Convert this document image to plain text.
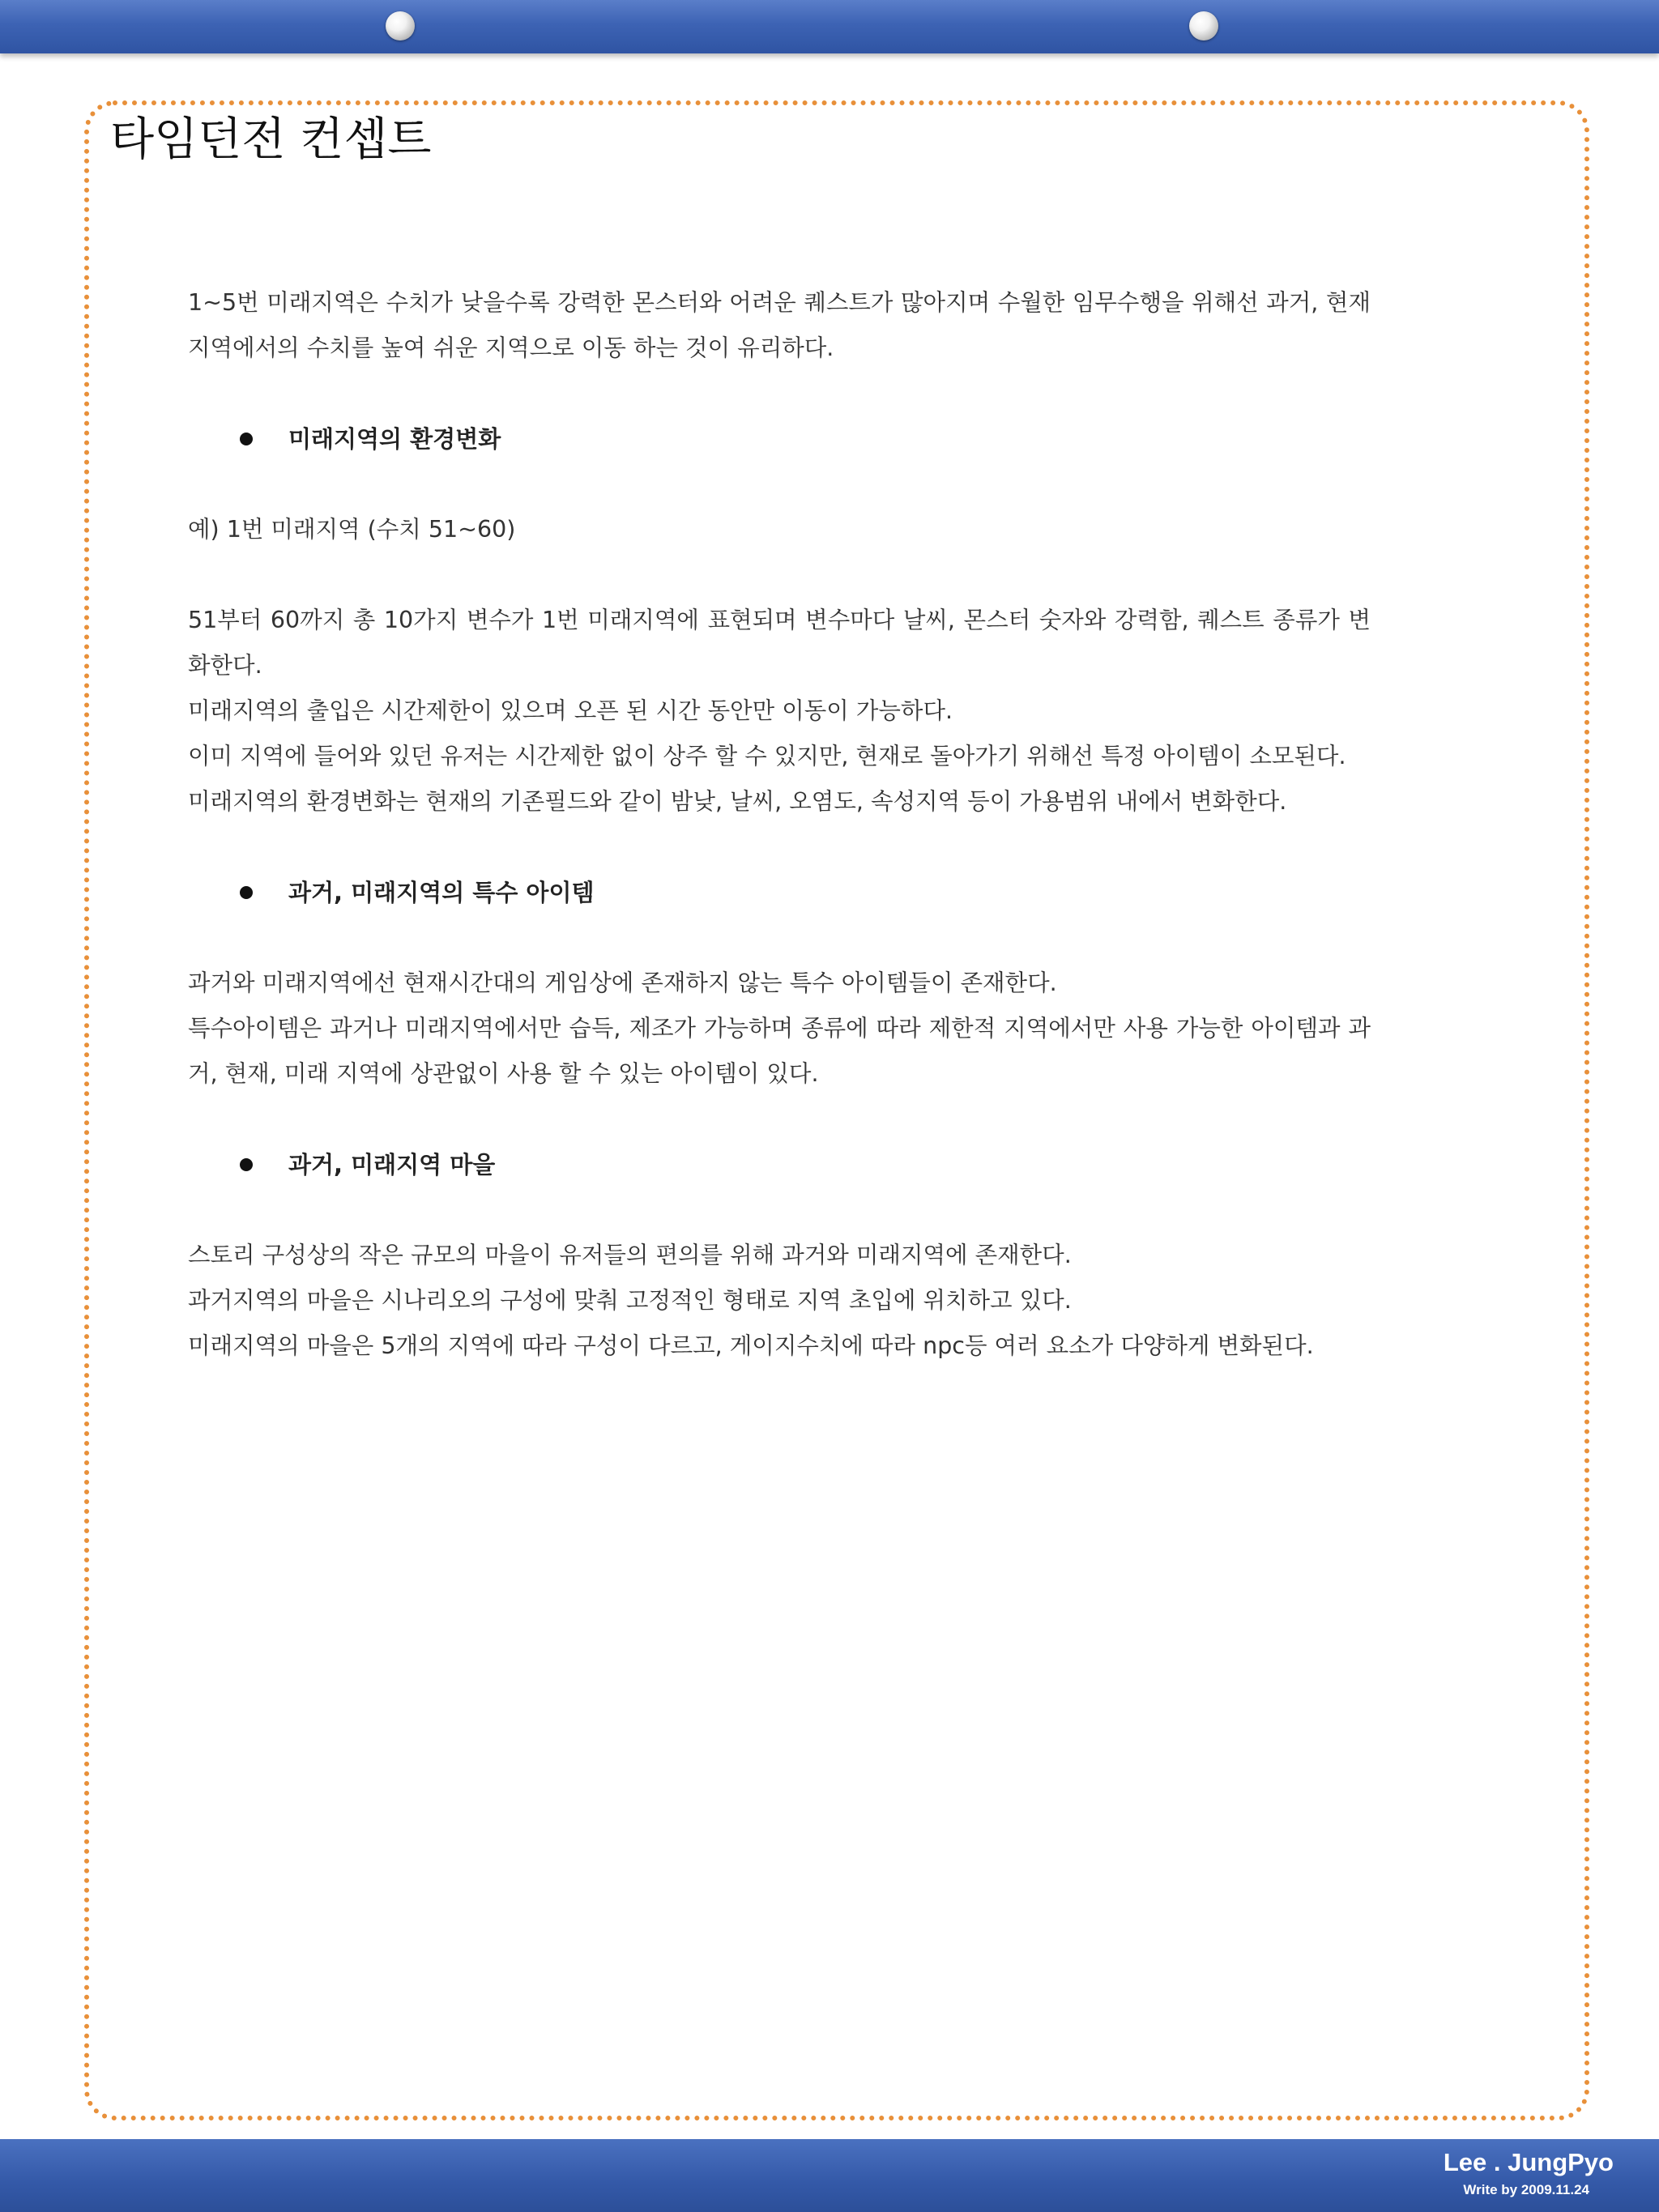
타임던전 컨셉트

1~5번 미래지역은 수치가 낮을수록 강력한 몬스터와 어려운 퀘스트가 많아지며 수월한 임무수행을 위해선 과거, 현재지역에서의 수치를 높여 쉬운 지역으로 이동 하는 것이 유리하다.

미래지역의 환경변화

예) 1번 미래지역 (수치 51~60)

51부터 60까지 총 10가지 변수가 1번 미래지역에 표현되며 변수마다 날씨, 몬스터 숫자와 강력함, 퀘스트 종류가 변화한다.

미래지역의 출입은 시간제한이 있으며 오픈 된 시간 동안만 이동이 가능하다.

이미 지역에 들어와 있던 유저는 시간제한 없이 상주 할 수 있지만, 현재로 돌아가기 위해선 특정 아이템이 소모된다.

미래지역의 환경변화는 현재의 기존필드와 같이 밤낮, 날씨, 오염도, 속성지역 등이 가용범위 내에서 변화한다.

과거, 미래지역의 특수 아이템

과거와 미래지역에선 현재시간대의 게임상에 존재하지 않는 특수 아이템들이 존재한다.

특수아이템은 과거나 미래지역에서만 습득, 제조가 가능하며 종류에 따라 제한적 지역에서만 사용 가능한 아이템과 과거, 현재, 미래 지역에 상관없이 사용 할 수 있는 아이템이 있다.

과거, 미래지역 마을

스토리 구성상의 작은 규모의 마을이 유저들의 편의를 위해 과거와 미래지역에 존재한다.

과거지역의 마을은 시나리오의 구성에 맞춰 고정적인 형태로 지역 초입에 위치하고 있다.

미래지역의 마을은 5개의 지역에 따라 구성이 다르고, 게이지수치에 따라 npc등 여러 요소가 다양하게 변화된다.

Lee . JungPyo
Write by 2009.11.24
